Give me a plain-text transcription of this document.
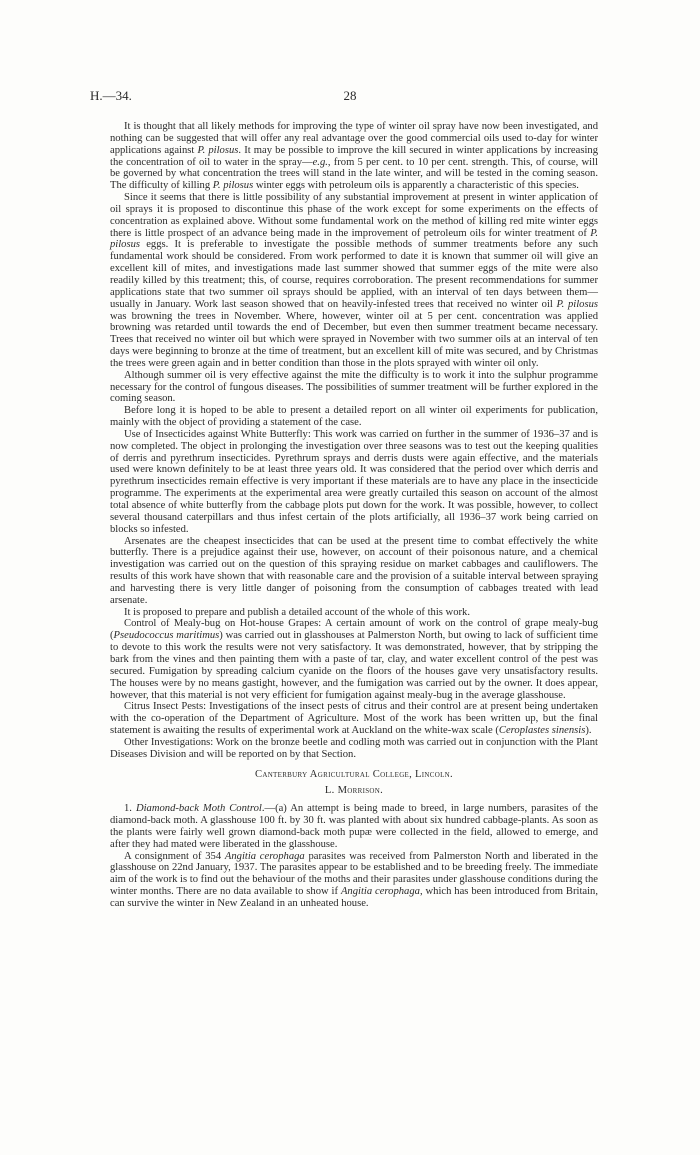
H.—34.	28

It is thought that all likely methods for improving the type of winter oil spray have now been investigated, and nothing can be suggested that will offer any real advantage over the good commercial oils used to-day for winter applications against P. pilosus. It may be possible to improve the kill secured in winter applications by increasing the concentration of oil to water in the spray—e.g., from 5 per cent. to 10 per cent. strength. This, of course, will be governed by what concentration the trees will stand in the late winter, and will be tested in the coming season. The difficulty of killing P. pilosus winter eggs with petroleum oils is apparently a characteristic of this species.

Since it seems that there is little possibility of any substantial improvement at present in winter application of oil sprays it is proposed to discontinue this phase of the work except for some experiments on the effects of concentration as explained above. Without some fundamental work on the method of killing red mite winter eggs there is little prospect of an advance being made in the improvement of petroleum oils for winter treatment of P. pilosus eggs. It is preferable to investigate the possible methods of summer treatments before any such fundamental work should be considered. From work performed to date it is known that summer oil will give an excellent kill of mites, and investigations made last summer showed that summer eggs of the mite were also readily killed by this treatment; this, of course, requires corroboration. The present recommendations for summer applications state that two summer oil sprays should be applied, with an interval of ten days between them—usually in January. Work last season showed that on heavily-infested trees that received no winter oil P. pilosus was browning the trees in November. Where, however, winter oil at 5 per cent. concentration was applied browning was retarded until towards the end of December, but even then summer treatment became necessary. Trees that received no winter oil but which were sprayed in November with two summer oils at an interval of ten days were beginning to bronze at the time of treatment, but an excellent kill of mite was secured, and by Christmas the trees were green again and in better condition than those in the plots sprayed with winter oil only.

Although summer oil is very effective against the mite the difficulty is to work it into the sulphur programme necessary for the control of fungous diseases. The possibilities of summer treatment will be further explored in the coming season.

Before long it is hoped to be able to present a detailed report on all winter oil experiments for publication, mainly with the object of providing a statement of the case.

Use of Insecticides against White Butterfly: This work was carried on further in the summer of 1936–37 and is now completed. The object in prolonging the investigation over three seasons was to test out the keeping qualities of derris and pyrethrum insecticides. Pyrethrum sprays and derris dusts were again effective, and the materials used were known definitely to be at least three years old. It was considered that the period over which derris and pyrethrum insecticides remain effective is very important if these materials are to have any place in the insecticide programme. The experiments at the experimental area were greatly curtailed this season on account of the almost total absence of white butterfly from the cabbage plots put down for the work. It was possible, however, to collect several thousand caterpillars and thus infest certain of the plots artificially, all 1936–37 work being carried on blocks so infested.

Arsenates are the cheapest insecticides that can be used at the present time to combat effectively the white butterfly. There is a prejudice against their use, however, on account of their poisonous nature, and a chemical investigation was carried out on the question of this spraying residue on market cabbages and cauliflowers. The results of this work have shown that with reasonable care and the provision of a suitable interval between spraying and harvesting there is very little danger of poisoning from the consumption of cabbages treated with lead arsenate.

It is proposed to prepare and publish a detailed account of the whole of this work.

Control of Mealy-bug on Hot-house Grapes: A certain amount of work on the control of grape mealy-bug (Pseudococcus maritimus) was carried out in glasshouses at Palmerston North, but owing to lack of sufficient time to devote to this work the results were not very satisfactory. It was demonstrated, however, that by stripping the bark from the vines and then painting them with a paste of tar, clay, and water excellent control of the pest was secured. Fumigation by spreading calcium cyanide on the floors of the houses gave very unsatisfactory results. The houses were by no means gastight, however, and the fumigation was carried out by the owner. It does appear, however, that this material is not very efficient for fumigation against mealy-bug in the average glasshouse.

Citrus Insect Pests: Investigations of the insect pests of citrus and their control are at present being undertaken with the co-operation of the Department of Agriculture. Most of the work has been written up, but the final statement is awaiting the results of experimental work at Auckland on the white-wax scale (Ceroplastes sinensis).

Other Investigations: Work on the bronze beetle and codling moth was carried out in conjunction with the Plant Diseases Division and will be reported on by that Section.

Canterbury Agricultural College, Lincoln.

L. Morrison.

1. Diamond-back Moth Control.—(a) An attempt is being made to breed, in large numbers, parasites of the diamond-back moth. A glasshouse 100 ft. by 30 ft. was planted with about six hundred cabbage-plants. As soon as the plants were fairly well grown diamond-back moth pupæ were collected in the field, allowed to emerge, and after they had mated were liberated in the glasshouse.

A consignment of 354 Angitia cerophaga parasites was received from Palmerston North and liberated in the glasshouse on 22nd January, 1937. The parasites appear to be established and to be breeding freely. The immediate aim of the work is to find out the behaviour of the moths and their parasites under glasshouse conditions during the winter months. There are no data available to show if Angitia cerophaga, which has been introduced from Britain, can survive the winter in New Zealand in an unheated house.
